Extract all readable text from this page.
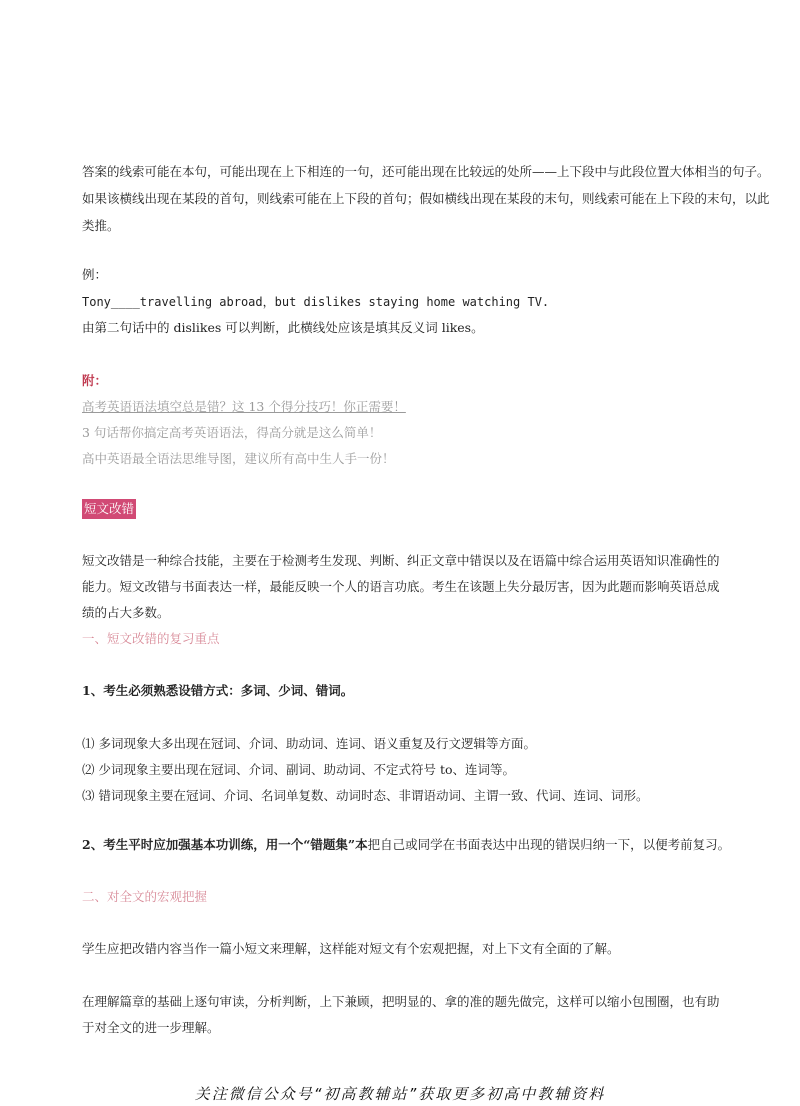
答案的线索可能在本句，可能出现在上下相连的一句，还可能出现在比较远的处所——上下段中与此段位置大体相当的句子。
如果该横线出现在某段的首句，则线索可能在上下段的首句；假如横线出现在某段的末句，则线索可能在上下段的末句，以此
类推。
例：
Tony____travelling abroad，but dislikes staying home watching TV.
由第二句话中的 dislikes 可以判断，此横线处应该是填其反义词 likes。
附：
高考英语语法填空总是错？这 13 个得分技巧！你正需要！
3 句话帮你搞定高考英语语法，得高分就是这么简单！
高中英语最全语法思维导图，建议所有高中生人手一份！
短文改错
短文改错是一种综合技能，主要在于检测考生发现、判断、纠正文章中错误以及在语篇中综合运用英语知识准确性的能力。短文改错与书面表达一样，最能反映一个人的语言功底。考生在该题上失分最厉害，因为此题而影响英语总成绩的占大多数。
一、短文改错的复习重点
1、考生必须熟悉设错方式：多词、少词、错词。
⑴ 多词现象大多出现在冠词、介词、助动词、连词、语义重复及行文逻辑等方面。
⑵ 少词现象主要出现在冠词、介词、副词、助动词、不定式符号 to、连词等。
⑶ 错词现象主要在冠词、介词、名词单复数、动词时态、非谓语动词、主谓一致、代词、连词、词形。
2、考生平时应加强基本功训练，用一个“错题集”本把自己或同学在书面表达中出现的错误归纳一下，以便考前复习。
二、对全文的宏观把握
学生应把改错内容当作一篇小短文来理解，这样能对短文有个宏观把握，对上下文有全面的了解。
在理解篇章的基础上逐句审读，分析判断，上下兼顾，把明显的、拿的准的题先做完，这样可以缩小包围圈，也有助于对全文的进一步理解。
关注微信公众号“初高教辅站”获取更多初高中教辅资料
